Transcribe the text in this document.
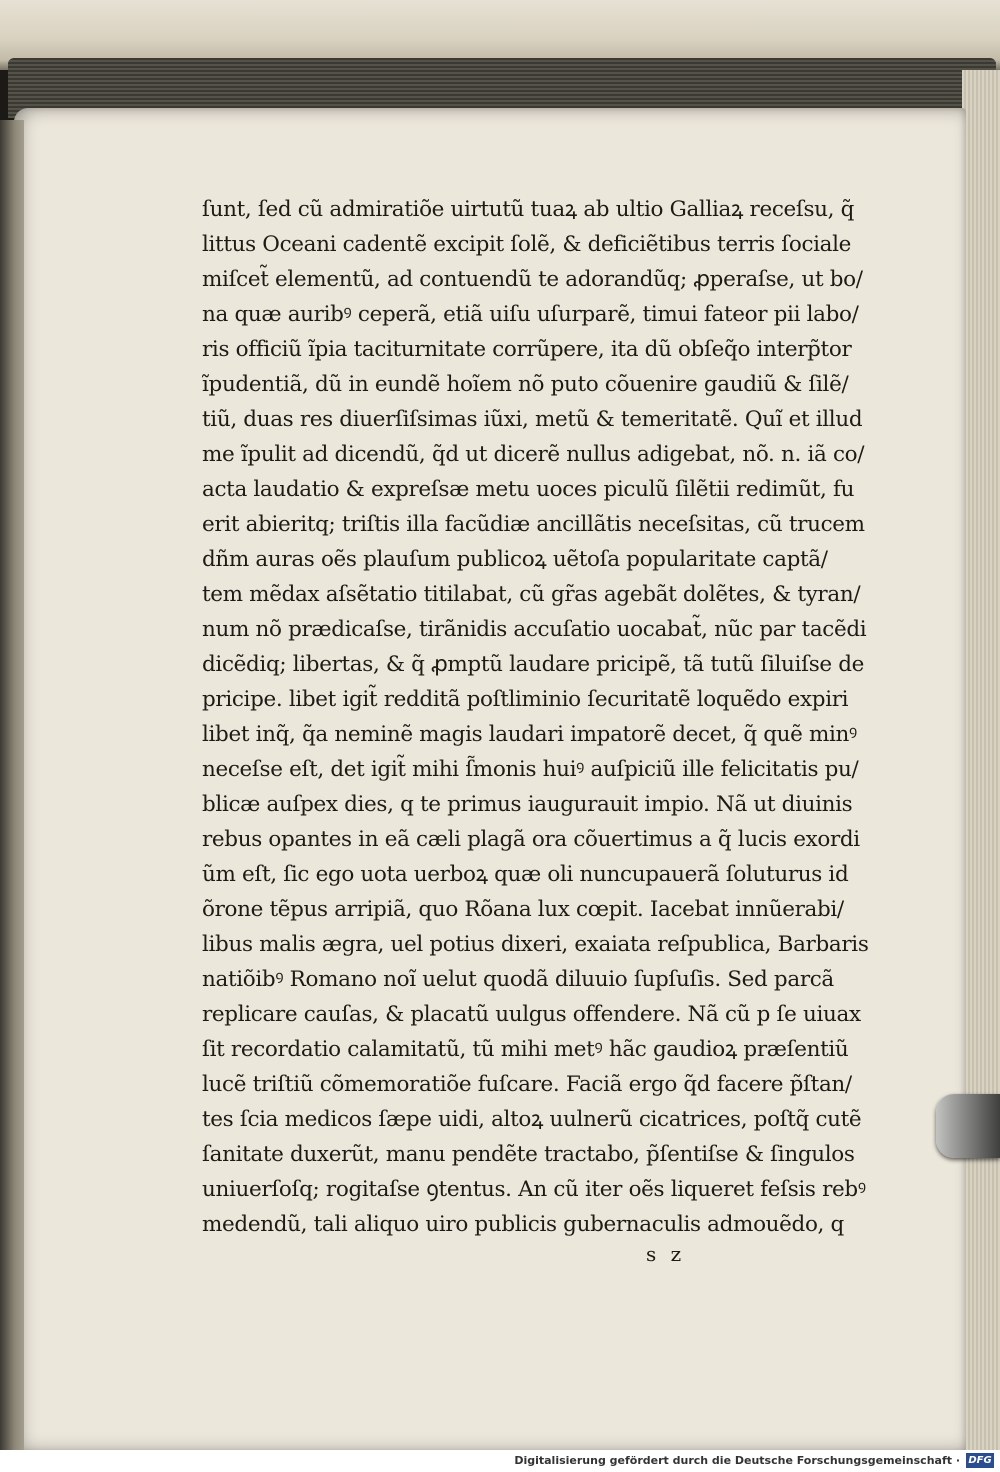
ſunt, ſed cũ admiratiõe uirtutũ tuaꝝ ab ultio Galliaꝝ receſsu, q̃
littus Oceani cadentẽ excipit ſolẽ, & deficiẽtibus terris ſociale
miſcet̃ elementũ, ad contuendũ te adorandũq; ꝓperaſse, ut bo/
na quæ auribꝰ ceperã, etiã uiſu uſurparẽ, timui fateor pii labo/
ris officiũ ĩpia taciturnitate corrũpere, ita dũ obſeq̃o interp̃tor
ĩpudentiã, dũ in eundẽ hoĩem nõ puto cõuenire gaudiũ & ſilẽ/
tiũ, duas res diuerſiſsimas iũxi, metũ & temeritatẽ. Quĩ et illud
me ĩpulit ad dicendũ, q̃d ut dicerẽ nullus adigebat, nõ. n. iã co/
acta laudatio & expreſsæ metu uoces piculũ ſilẽtii redimũt, fu
erit abieritq; triſtis illa facũdiæ ancillãtis neceſsitas, cũ trucem
dñm auras oẽs plauſum publicoꝝ uẽtoſa popularitate captã/
tem mẽdax aſsẽtatio titilabat, cũ gr̃as agebãt dolẽtes, & tyran/
num nõ prædicaſse, tirãnidis accuſatio uocabat̃, nũc par tacẽdi
dicẽdiq; libertas, & q̃ ꝓmptũ laudare pricipẽ, tã tutũ ſiluiſse de
pricipe. libet igit̃ redditã poſtliminio ſecuritatẽ loquẽdo expiri
libet inq̃, q̃a neminẽ magis laudari impatorẽ decet, q̃ quẽ minꝰ
neceſse eſt, det igit̃ mihi ſ̃monis huiꝰ auſpiciũ ille felicitatis pu/
blicæ auſpex dies, q te primus iaugurauit impio. Nã ut diuinis
rebus opantes in eã cæli plagã ora cõuertimus a q̃ lucis exordi
ũm eſt, ſic ego uota uerboꝝ quæ oli nuncupauerã ſoluturus id
õrone tẽpus arripiã, quo Rõana lux cœpit. Iacebat innũerabi/
libus malis ægra, uel potius dixeri, exaiata reſpublica, Barbaris
natiõibꝰ Romano noĩ uelut quodã diluuio ſupſuſis. Sed parcã
replicare cauſas, & placatũ uulgus offendere. Nã cũ p ſe uiuax
ſit recordatio calamitatũ, tũ mihi metꝰ hãc gaudioꝝ præſentiũ
lucẽ triſtiũ cõmemoratiõe fuſcare. Faciã ergo q̃d facere p̃ſtan/
tes ſcia medicos ſæpe uidi, altoꝝ uulnerũ cicatrices, poſtq̃ cutẽ
ſanitate duxerũt, manu pendẽte tractabo, p̃ſentiſse & ſingulos
uniuerſoſq; rogitaſse ꝯtentus. An cũ iter oẽs liqueret feſsis rebꝰ
medendũ, tali aliquo uiro publicis gubernaculis admouẽdo, q
s z
Digitalisierung gefördert durch die Deutsche Forschungsgemeinschaft · DFG
